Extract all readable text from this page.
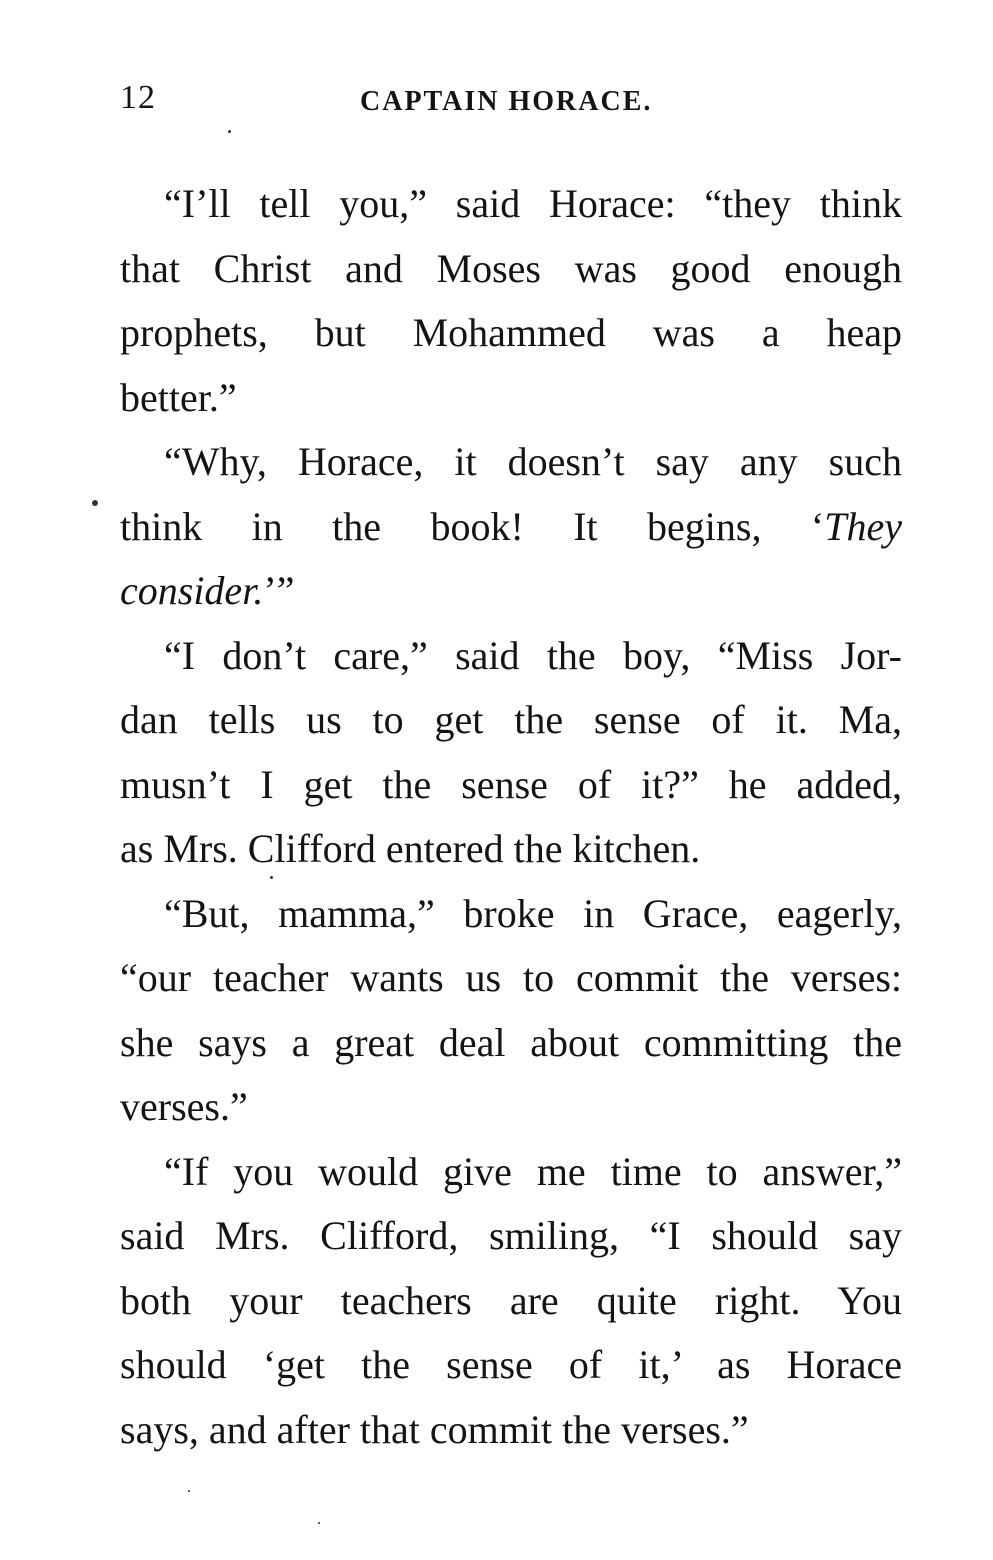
12	CAPTAIN HORACE.
“I’ll tell you,” said Horace: “they think
that Christ and Moses was good enough
prophets, but Mohammed was a heap
better.”
“Why, Horace, it doesn’t say any such
think in the book! It begins, ‘They
consider.’”
“I don’t care,” said the boy, “Miss Jor-
dan tells us to get the sense of it. Ma,
musn’t I get the sense of it?” he added,
as Mrs. Clifford entered the kitchen.
“But, mamma,” broke in Grace, eagerly,
“our teacher wants us to commit the verses:
she says a great deal about committing the
verses.”
“If you would give me time to answer,”
said Mrs. Clifford, smiling, “I should say
both your teachers are quite right. You
should ‘get the sense of it,’ as Horace
says, and after that commit the verses.”
